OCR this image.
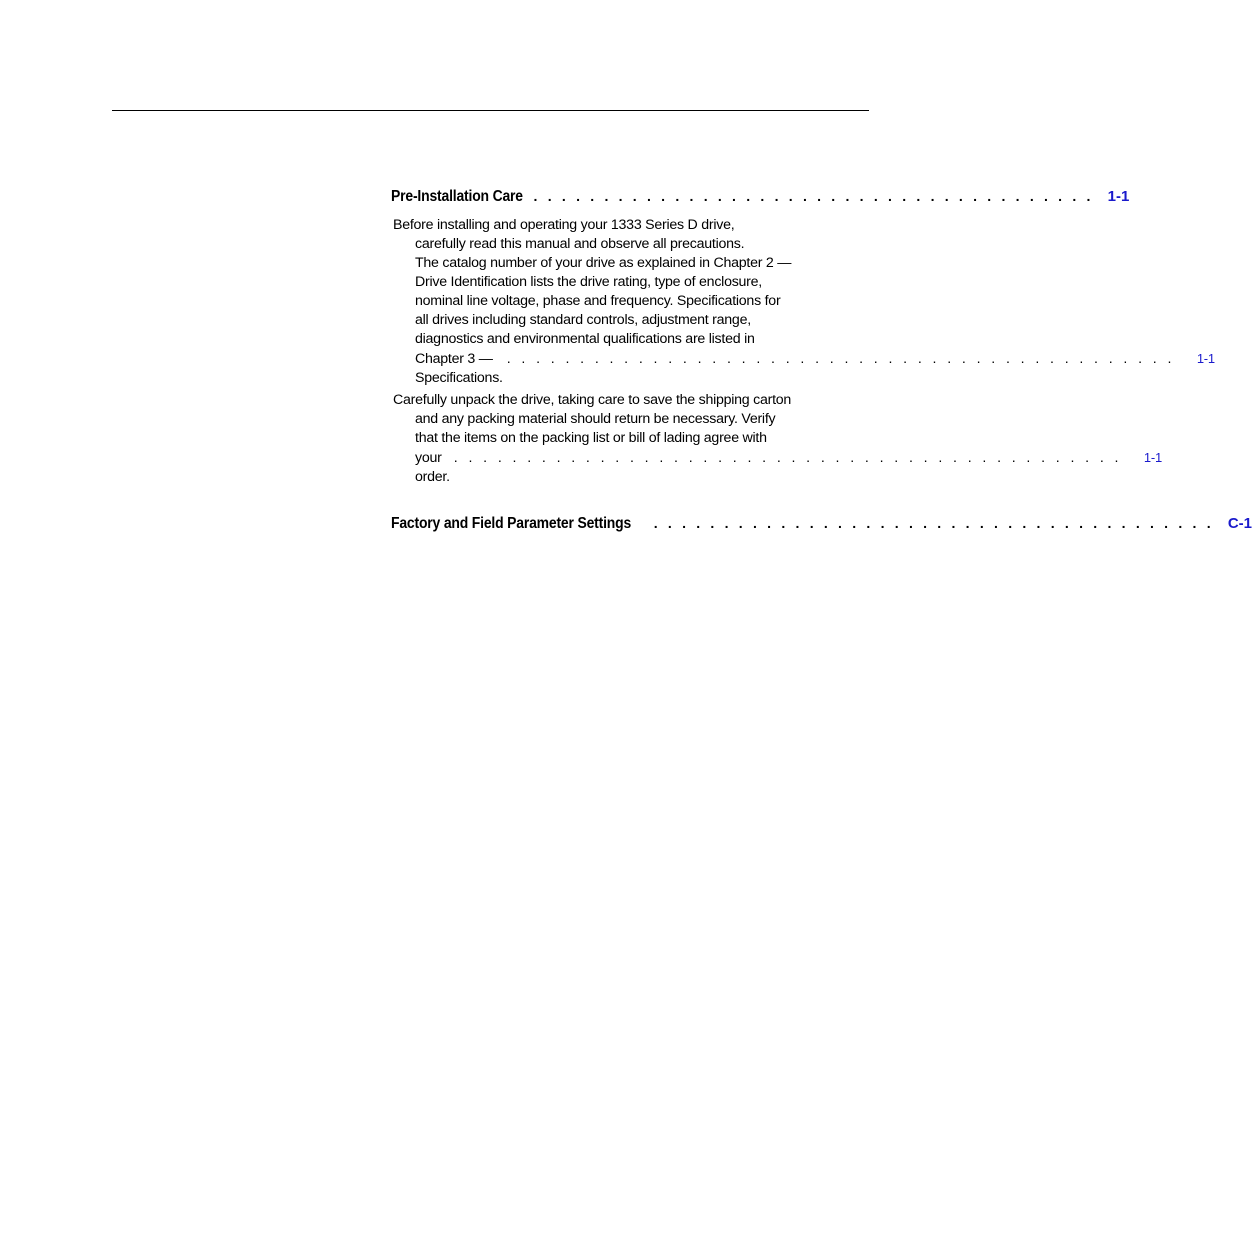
Pre-Installation Care . . . . . . . . . . . . . . . . . . . . . . . . . . . . . . . . . . . . . . . . 1-1
Before installing and operating your 1333 Series D drive,
carefully read this manual and observe all precautions.
The catalog number of your drive as explained in Chapter 2 —
Drive Identification lists the drive rating, type of enclosure,
nominal line voltage, phase and frequency. Specifications for
all drives including standard controls, adjustment range,
diagnostics and environmental qualifications are listed in
Chapter 3 — Specifications.
. . . . . . . . . . . . . . . . . . . . . . . . . . . . . . . . . . . . . . . . . . . . . .	1-1
Carefully unpack the drive, taking care to save the shipping carton
and any packing material should return be necessary. Verify
that the items on the packing list or bill of lading agree with
your order.
. . . . . . . . . . . . . . . . . . . . . . . . . . . . . . . . . . . . . . . . . . . . . .	1-1
Factory and Field Parameter Settings . . . . . . . . . . . . . . . . . . . . . . . . . . . . . . . . . . . . . . . . C-1
